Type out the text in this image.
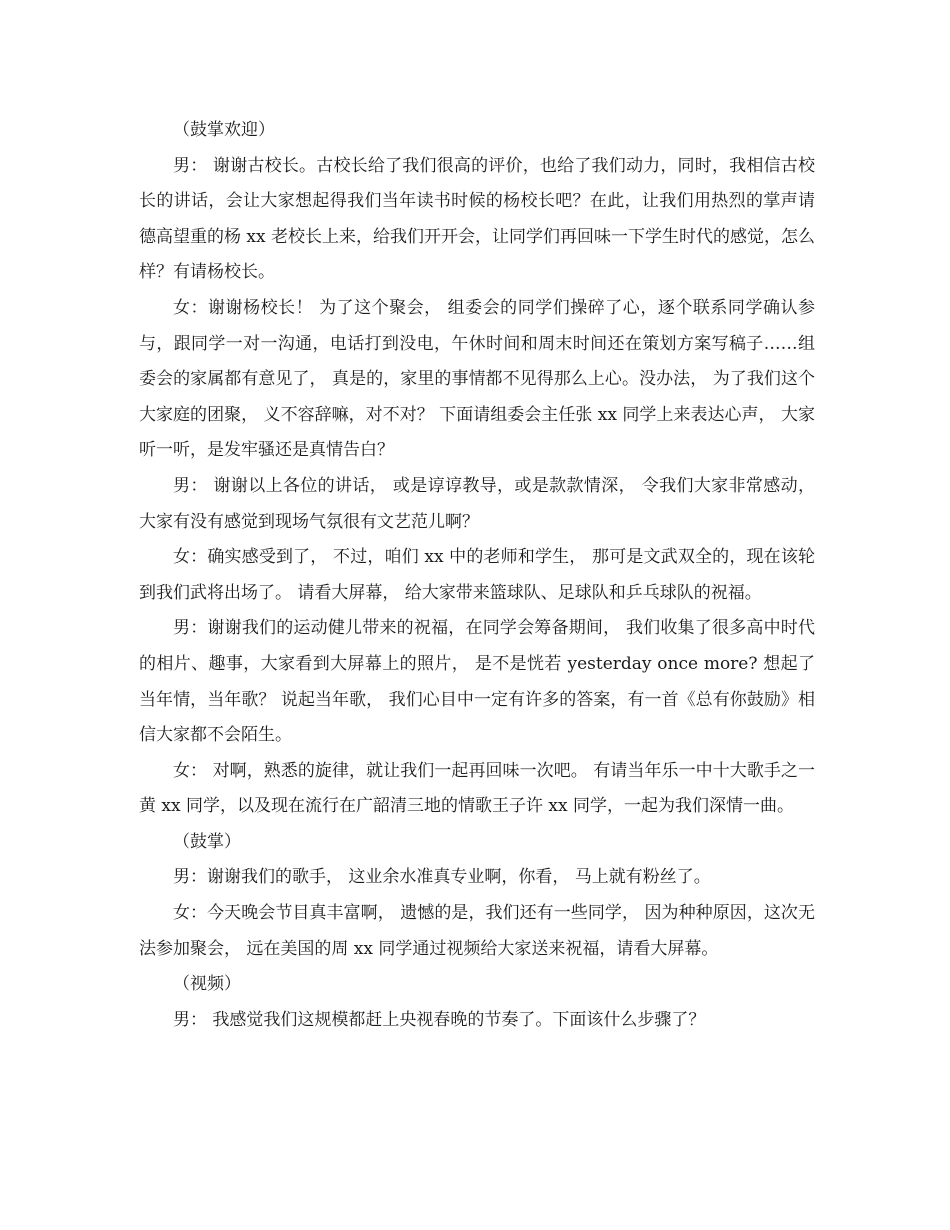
（鼓掌欢迎）

男： 谢谢古校长。古校长给了我们很高的评价，也给了我们动力，同时，我相信古校长的讲话，会让大家想起得我们当年读书时候的杨校长吧？在此，让我们用热烈的掌声请德高望重的杨 xx 老校长上来，给我们开开会，让同学们再回味一下学生时代的感觉，怎么样？有请杨校长。

女：谢谢杨校长！ 为了这个聚会， 组委会的同学们操碎了心，逐个联系同学确认参与，跟同学一对一沟通，电话打到没电，午休时间和周末时间还在策划方案写稿子……组委会的家属都有意见了， 真是的，家里的事情都不见得那么上心。没办法， 为了我们这个大家庭的团聚， 义不容辞嘛，对不对？ 下面请组委会主任张 xx 同学上来表达心声， 大家听一听，是发牢骚还是真情告白？

男： 谢谢以上各位的讲话， 或是谆谆教导，或是款款情深， 令我们大家非常感动， 大家有没有感觉到现场气氛很有文艺范儿啊？

女：确实感受到了， 不过，咱们 xx 中的老师和学生， 那可是文武双全的，现在该轮到我们武将出场了。 请看大屏幕， 给大家带来篮球队、足球队和乒乓球队的祝福。

男：谢谢我们的运动健儿带来的祝福，在同学会筹备期间， 我们收集了很多高中时代的相片、趣事，大家看到大屏幕上的照片， 是不是恍若 yesterday once more? 想起了当年情，当年歌？ 说起当年歌， 我们心目中一定有许多的答案，有一首《总有你鼓励》相信大家都不会陌生。

女： 对啊，熟悉的旋律，就让我们一起再回味一次吧。 有请当年乐一中十大歌手之一黄 xx 同学，以及现在流行在广韶清三地的情歌王子许 xx 同学，一起为我们深情一曲。

（鼓掌）

男：谢谢我们的歌手， 这业余水准真专业啊，你看， 马上就有粉丝了。

女：今天晚会节目真丰富啊， 遗憾的是，我们还有一些同学， 因为种种原因，这次无法参加聚会， 远在美国的周 xx 同学通过视频给大家送来祝福，请看大屏幕。

（视频）

男： 我感觉我们这规模都赶上央视春晚的节奏了。下面该什么步骤了？
